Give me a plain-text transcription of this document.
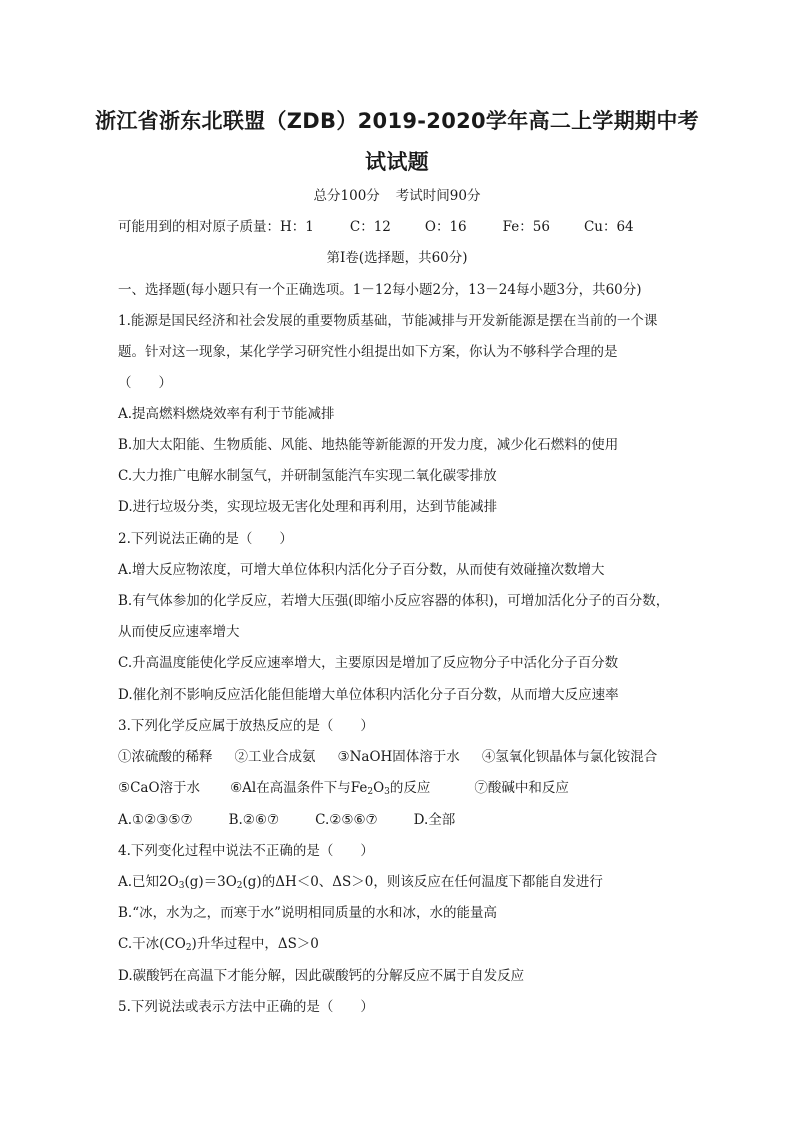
浙江省浙东北联盟（ZDB）2019-2020学年高二上学期期中考
试试题
总分100分 考试时间90分
可能用到的相对原子质量：H：1	C：12	O：16	Fe：56	Cu：64
第Ⅰ卷(选择题，共60分)
一、选择题(每小题只有一个正确选项。1－12每小题2分，13－24每小题3分，共60分)
1.能源是国民经济和社会发展的重要物质基础，节能减排与开发新能源是摆在当前的一个课
题。针对这一现象，某化学学习研究性小组提出如下方案，你认为不够科学合理的是
（　　）
A.提高燃料燃烧效率有利于节能减排
B.加大太阳能、生物质能、风能、地热能等新能源的开发力度，减少化石燃料的使用
C.大力推广电解水制氢气，并研制氢能汽车实现二氧化碳零排放
D.进行垃圾分类，实现垃圾无害化处理和再利用，达到节能减排
2.下列说法正确的是（　　）
A.增大反应物浓度，可增大单位体积内活化分子百分数，从而使有效碰撞次数增大
B.有气体参加的化学反应，若增大压强(即缩小反应容器的体积)，可增加活化分子的百分数，
从而使反应速率增大
C.升高温度能使化学反应速率增大，主要原因是增加了反应物分子中活化分子百分数
D.催化剂不影响反应活化能但能增大单位体积内活化分子百分数，从而增大反应速率
3.下列化学反应属于放热反应的是（　　）
①浓硫酸的稀释 ②工业合成氨 ③NaOH固体溶于水 ④氢氧化钡晶体与氯化铵混合
⑤CaO溶于水 ⑥Al在高温条件下与$Fe_2O_3$的反应	⑦酸碱中和反应
A.①②③⑤⑦	B.②⑥⑦	C.②⑤⑥⑦	D.全部
4.下列变化过程中说法不正确的是（　　）
A.已知$2O_3(g)=3O_2(g)$的ΔH＜0、ΔS＞0，则该反应在任何温度下都能自发进行
B.“冰，水为之，而寒于水”说明相同质量的水和冰，水的能量高
C.干冰$(CO_2)$升华过程中，ΔS＞0
D.碳酸钙在高温下才能分解，因此碳酸钙的分解反应不属于自发反应
5.下列说法或表示方法中正确的是（　　）
